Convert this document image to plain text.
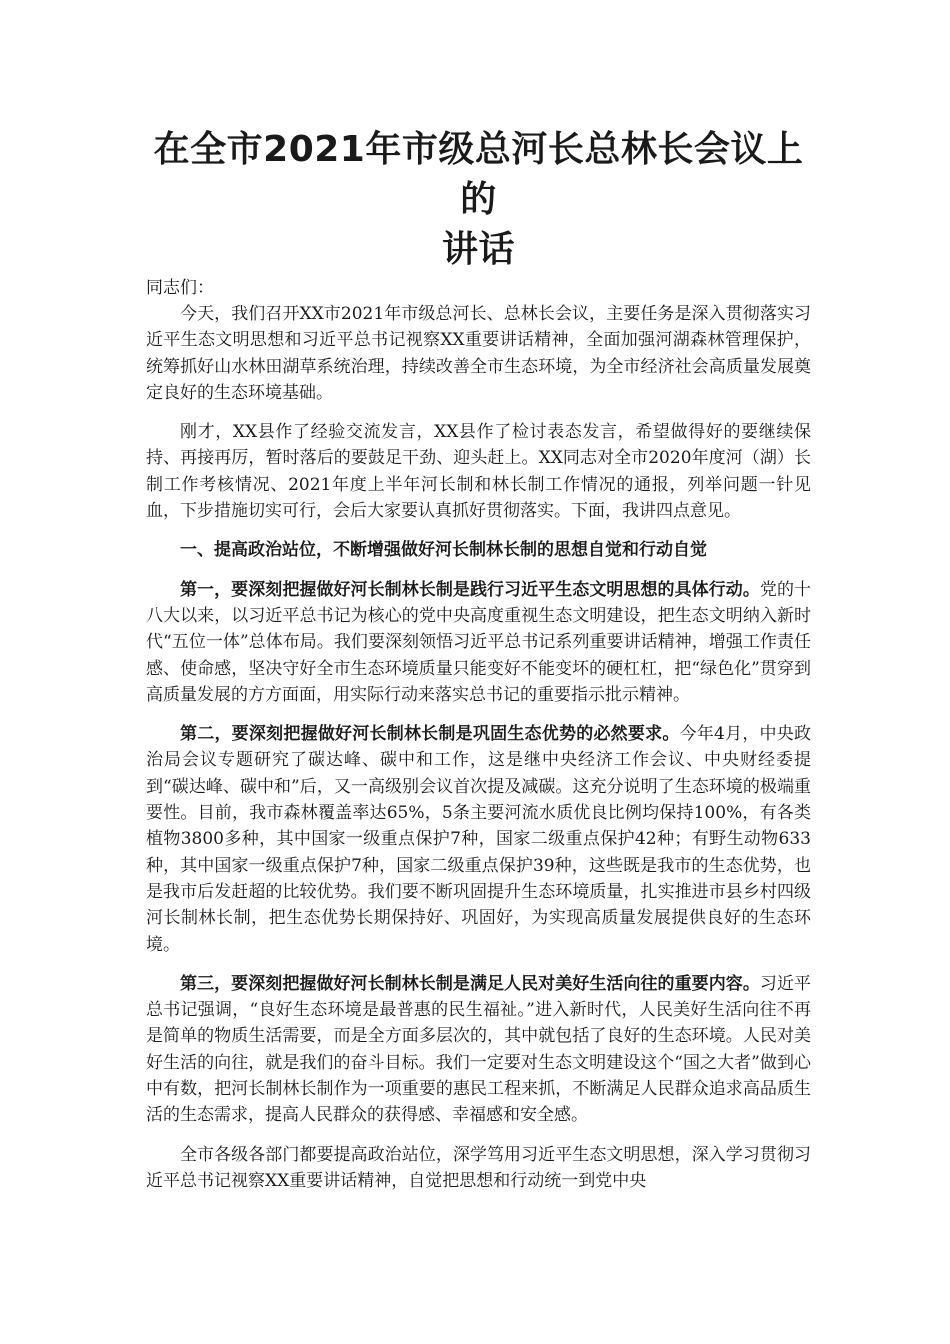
在全市2021年市级总河长总林长会议上的
讲话

同志们：

今天，我们召开XX市2021年市级总河长、总林长会议，主要任务是深入贯彻落实习近平生态文明思想和习近平总书记视察XX重要讲话精神，全面加强河湖森林管理保护，统筹抓好山水林田湖草系统治理，持续改善全市生态环境，为全市经济社会高质量发展奠定良好的生态环境基础。

刚才，XX县作了经验交流发言，XX县作了检讨表态发言，希望做得好的要继续保持、再接再厉，暂时落后的要鼓足干劲、迎头赶上。XX同志对全市2020年度河（湖）长制工作考核情况、2021年度上半年河长制和林长制工作情况的通报，列举问题一针见血，下步措施切实可行，会后大家要认真抓好贯彻落实。下面，我讲四点意见。

一、提高政治站位，不断增强做好河长制林长制的思想自觉和行动自觉

第一，要深刻把握做好河长制林长制是践行习近平生态文明思想的具体行动。党的十八大以来，以习近平总书记为核心的党中央高度重视生态文明建设，把生态文明纳入新时代“五位一体”总体布局。我们要深刻领悟习近平总书记系列重要讲话精神，增强工作责任感、使命感，坚决守好全市生态环境质量只能变好不能变坏的硬杠杠，把“绿色化”贯穿到高质量发展的方方面面，用实际行动来落实总书记的重要指示批示精神。

第二，要深刻把握做好河长制林长制是巩固生态优势的必然要求。今年4月，中央政治局会议专题研究了碳达峰、碳中和工作，这是继中央经济工作会议、中央财经委提到“碳达峰、碳中和”后，又一高级别会议首次提及减碳。这充分说明了生态环境的极端重要性。目前，我市森林覆盖率达65%，5条主要河流水质优良比例均保持100%，有各类植物3800多种，其中国家一级重点保护7种，国家二级重点保护42种；有野生动物633种，其中国家一级重点保护7种，国家二级重点保护39种，这些既是我市的生态优势，也是我市后发赶超的比较优势。我们要不断巩固提升生态环境质量，扎实推进市县乡村四级河长制林长制，把生态优势长期保持好、巩固好，为实现高质量发展提供良好的生态环境。

第三，要深刻把握做好河长制林长制是满足人民对美好生活向往的重要内容。习近平总书记强调，“良好生态环境是最普惠的民生福祉。”进入新时代，人民美好生活向往不再是简单的物质生活需要，而是全方面多层次的，其中就包括了良好的生态环境。人民对美好生活的向往，就是我们的奋斗目标。我们一定要对生态文明建设这个“国之大者”做到心中有数，把河长制林长制作为一项重要的惠民工程来抓，不断满足人民群众追求高品质生活的生态需求，提高人民群众的获得感、幸福感和安全感。

全市各级各部门都要提高政治站位，深学笃用习近平生态文明思想，深入学习贯彻习近平总书记视察XX重要讲话精神，自觉把思想和行动统一到党中央
